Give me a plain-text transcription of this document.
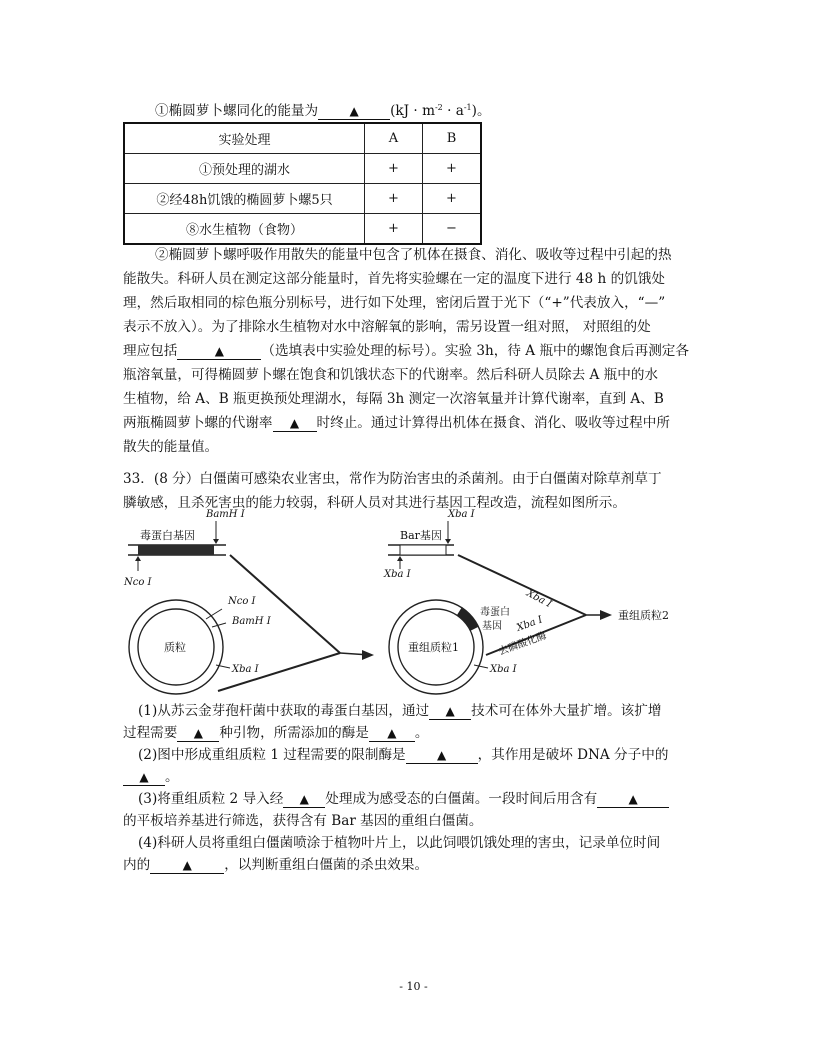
①椭圆萝卜螺同化的能量为	▲ $(kJ \cdot m^{-2} \cdot a^{-1})$。
实验处理	A	B
①预处理的湖水	+	+
②经48h饥饿的椭圆萝卜螺5只	+	+
⑧水生植物（食物）	+	−
②椭圆萝卜螺呼吸作用散失的能量中包含了机体在摄食、消化、吸收等过程中引起的热
能散失。科研人员在测定这部分能量时，首先将实验螺在一定的温度下进行 48 h 的饥饿处
理，然后取相同的棕色瓶分别标号，进行如下处理，密闭后置于光下（“+”代表放入，“—”
表示不放入）。为了排除水生植物对水中溶解氧的影响，需另设置一组对照， 对照组的处
理应包括	▲	（选填表中实验处理的标号）。实验 3h，待 A 瓶中的螺饱食后再测定各
瓶溶氧量，可得椭圆萝卜螺在饱食和饥饿状态下的代谢率。然后科研人员除去 A 瓶中的水
生植物，给 A、B 瓶更换预处理湖水，每隔 3h 测定一次溶氧量并计算代谢率，直到 A、B
两瓶椭圆萝卜螺的代谢率 ▲ 时终止。通过计算得出机体在摄食、消化、吸收等过程中所
散失的能量值。
33．(8 分）白僵菌可感染农业害虫，常作为防治害虫的杀菌剂。由于白僵菌对除草剂草丁
膦敏感，且杀死害虫的能力较弱，科研人员对其进行基因工程改造，流程如图所示。
毒蛋白基因
BamH Ⅰ
Nco Ⅰ
质粒
Nco Ⅰ
BamH Ⅰ
Xba Ⅰ
Bar基因
Xba Ⅰ
Xba Ⅰ
重组质粒1
毒蛋白
基因
Xba Ⅰ
Xba Ⅰ
Xba Ⅰ
去磷酸化酶
重组质粒2
(1)从苏云金芽孢杆菌中获取的毒蛋白基因，通过 ▲ 技术可在体外大量扩增。该扩增
过程需要 ▲ 种引物，所需添加的酶是 ▲ 。
(2)图中形成重组质粒 1 过程需要的限制酶是	▲ ，其作用是破坏 DNA 分子中的
▲ 。
(3)将重组质粒 2 导入经 ▲ 处理成为感受态的白僵菌。一段时间后用含有	▲
的平板培养基进行筛选，获得含有 Bar 基因的重组白僵菌。
(4)科研人员将重组白僵菌喷涂于植物叶片上，以此饲喂饥饿处理的害虫，记录单位时间
内的	▲ ，以判断重组白僵菌的杀虫效果。
- 10 -
